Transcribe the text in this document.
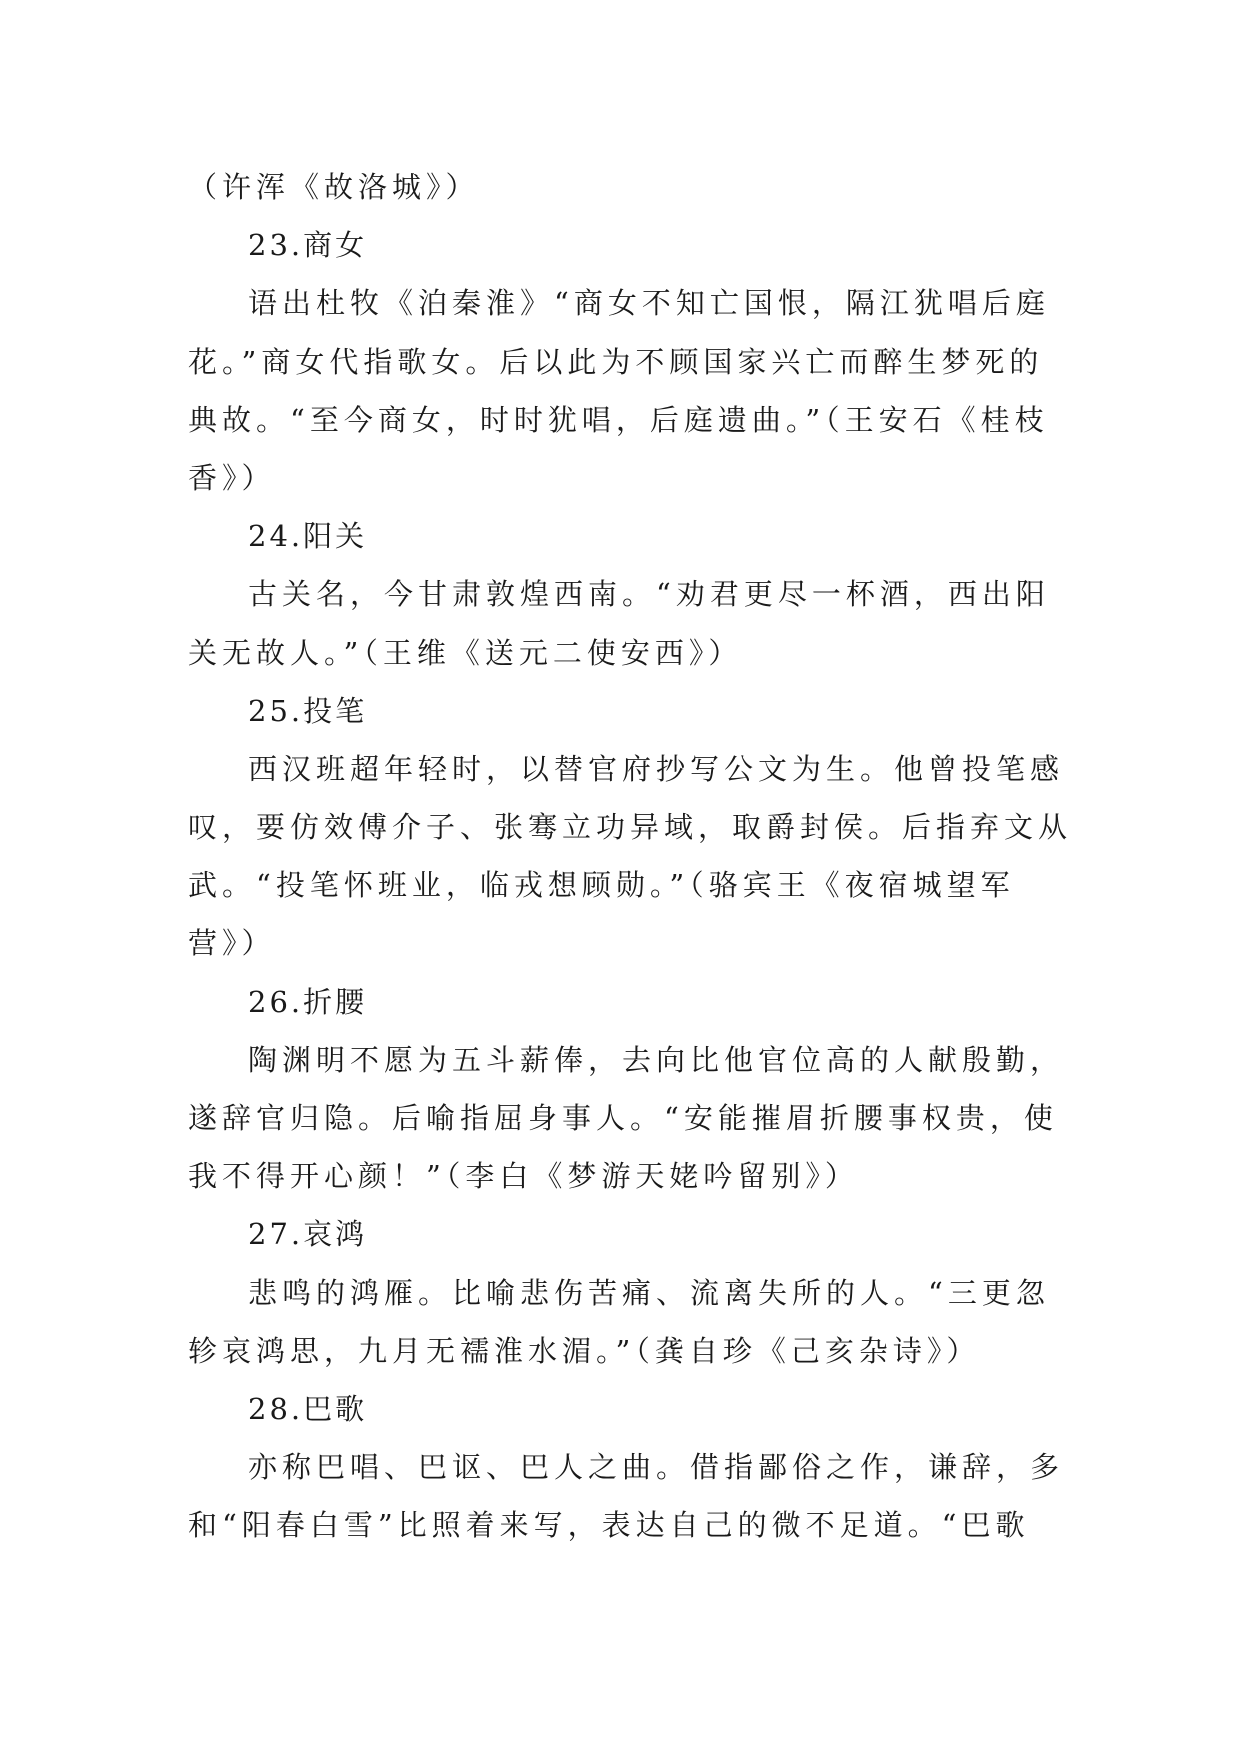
（许浑《故洛城》）
23.商女
语出杜牧《泊秦淮》“商女不知亡国恨，隔江犹唱后庭
花。”商女代指歌女。后以此为不顾国家兴亡而醉生梦死的
典故。“至今商女，时时犹唱，后庭遗曲。”（王安石《桂枝
香》）
24.阳关
古关名，今甘肃敦煌西南。“劝君更尽一杯酒，西出阳
关无故人。”（王维《送元二使安西》）
25.投笔
西汉班超年轻时，以替官府抄写公文为生。他曾投笔感
叹，要仿效傅介子、张骞立功异域，取爵封侯。后指弃文从
武。“投笔怀班业，临戎想顾勋。”（骆宾王《夜宿城望军
营》）
26.折腰
陶渊明不愿为五斗薪俸，去向比他官位高的人献殷勤，
遂辞官归隐。后喻指屈身事人。“安能摧眉折腰事权贵，使
我不得开心颜！”（李白《梦游天姥吟留别》）
27.哀鸿
悲鸣的鸿雁。比喻悲伤苦痛、流离失所的人。“三更忽
轸哀鸿思，九月无襦淮水湄。”（龚自珍《己亥杂诗》）
28.巴歌
亦称巴唱、巴讴、巴人之曲。借指鄙俗之作，谦辞，多
和“阳春白雪”比照着来写，表达自己的微不足道。“巴歌
